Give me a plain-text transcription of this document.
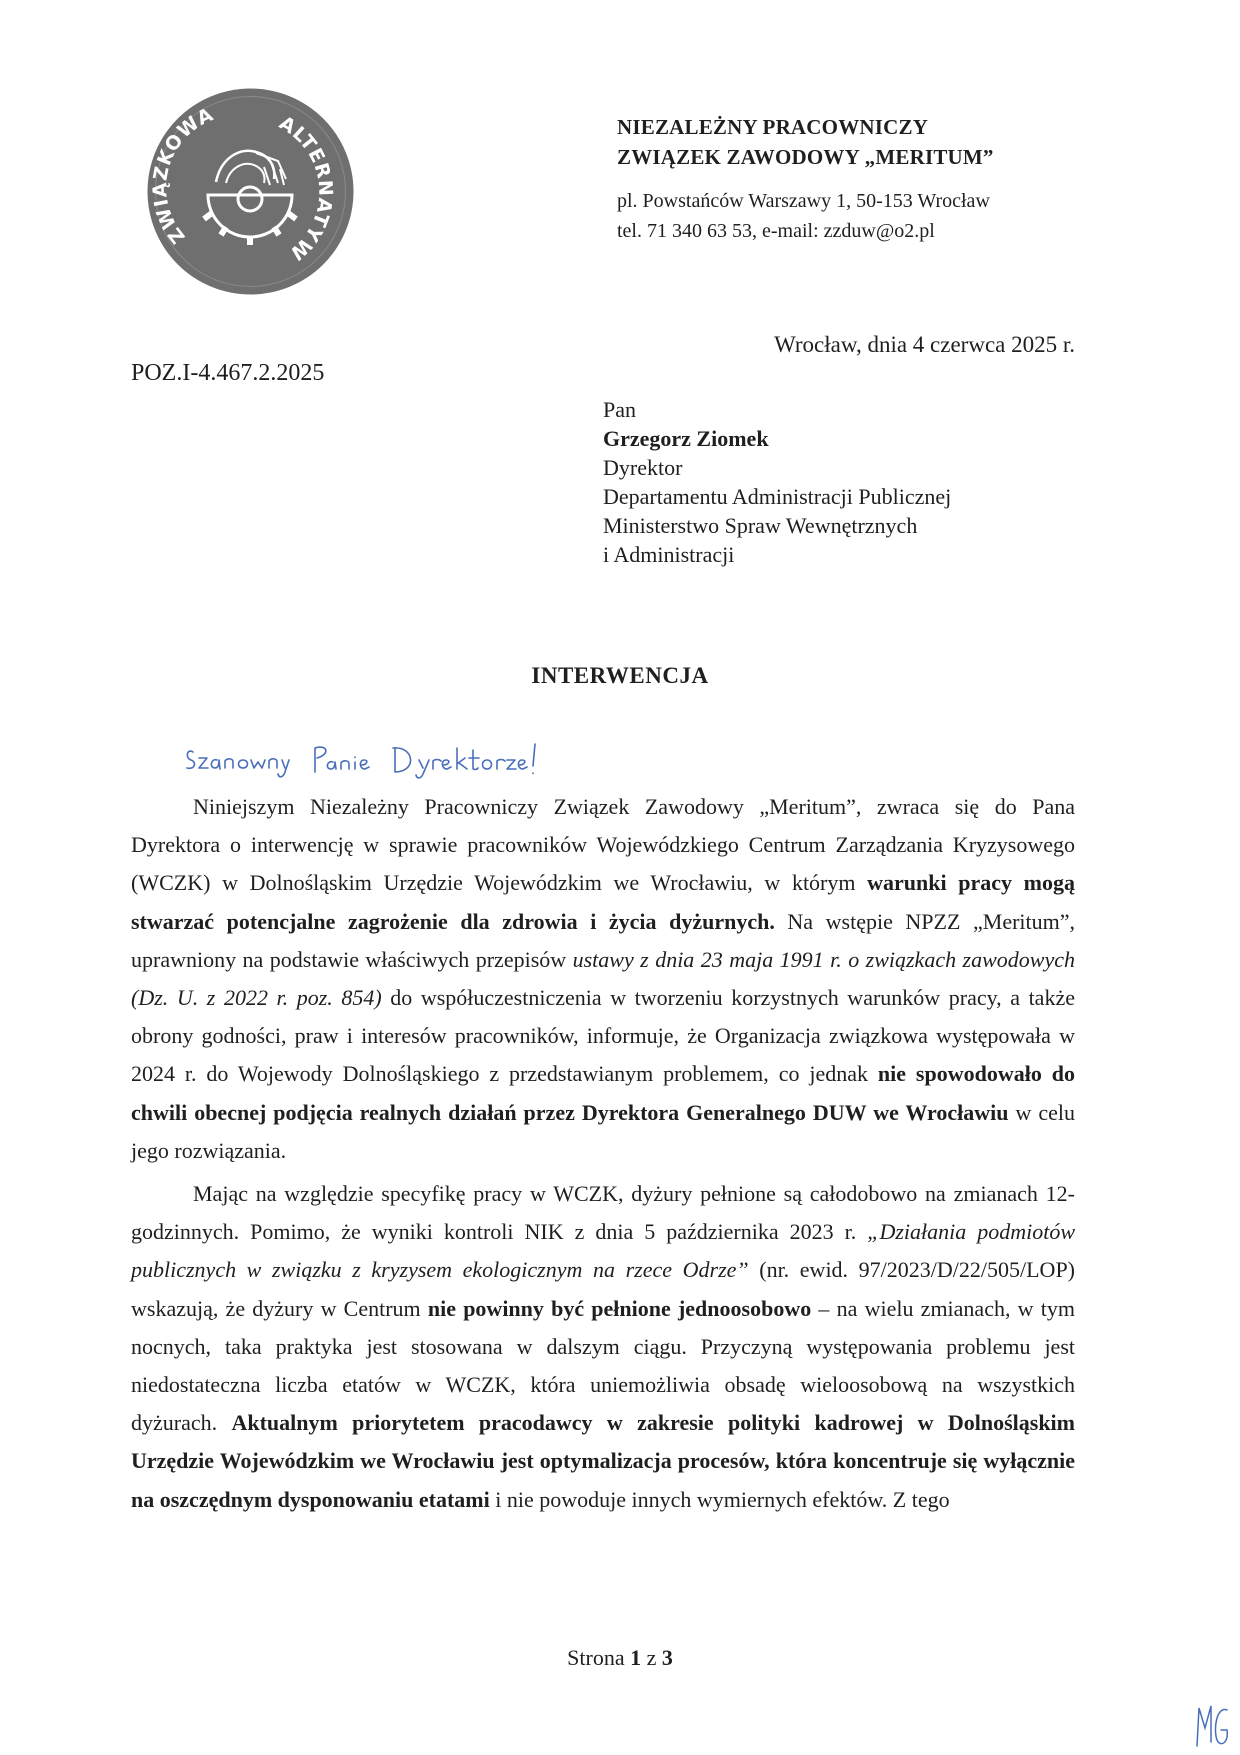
ZWIĄZKOWA	ALTERNATYW
NIEZALEŻNY PRACOWNICZY
ZWIĄZEK ZAWODOWY „MERITUM”
pl. Powstańców Warszawy 1, 50-153 Wrocław
tel. 71 340 63 53, e-mail: zzduw@o2.pl
Wrocław, dnia 4 czerwca 2025 r.
POZ.I-4.467.2.2025
Pan
Grzegorz Ziomek
Dyrektor
Departamentu Administracji Publicznej
Ministerstwo Spraw Wewnętrznych
i Administracji
INTERWENCJA

Niniejszym Niezależny Pracowniczy Związek Zawodowy „Meritum”, zwraca się do Pana Dyrektora o interwencję w sprawie pracowników Wojewódzkiego Centrum Zarządzania Kryzysowego (WCZK) w Dolnośląskim Urzędzie Wojewódzkim we Wrocławiu, w którym warunki pracy mogą stwarzać potencjalne zagrożenie dla zdrowia i życia dyżurnych. Na wstępie NPZZ „Meritum”, uprawniony na podstawie właściwych przepisów ustawy z dnia 23 maja 1991 r. o związkach zawodowych (Dz. U. z 2022 r. poz. 854) do współuczestniczenia w tworzeniu korzystnych warunków pracy, a także obrony godności, praw i interesów pracowników, informuje, że Organizacja związkowa występowała w 2024 r. do Wojewody Dolnośląskiego z przedstawianym problemem, co jednak nie spowodowało do chwili obecnej podjęcia realnych działań przez Dyrektora Generalnego DUW we Wrocławiu w celu jego rozwiązania.

Mając na względzie specyfikę pracy w WCZK, dyżury pełnione są całodobowo na zmianach 12-godzinnych. Pomimo, że wyniki kontroli NIK z dnia 5 października 2023 r. „Działania podmiotów publicznych w związku z kryzysem ekologicznym na rzece Odrze” (nr. ewid. 97/2023/D/22/505/LOP) wskazują, że dyżury w Centrum nie powinny być pełnione jednoosobowo – na wielu zmianach, w tym nocnych, taka praktyka jest stosowana w dalszym ciągu. Przyczyną występowania problemu jest niedostateczna liczba etatów w WCZK, która uniemożliwia obsadę wieloosobową na wszystkich dyżurach. Aktualnym priorytetem pracodawcy w zakresie polityki kadrowej w Dolnośląskim Urzędzie Wojewódzkim we Wrocławiu jest optymalizacja procesów, która koncentruje się wyłącznie na oszczędnym dysponowaniu etatami i nie powoduje innych wymiernych efektów. Z tego

Strona 1 z 3
